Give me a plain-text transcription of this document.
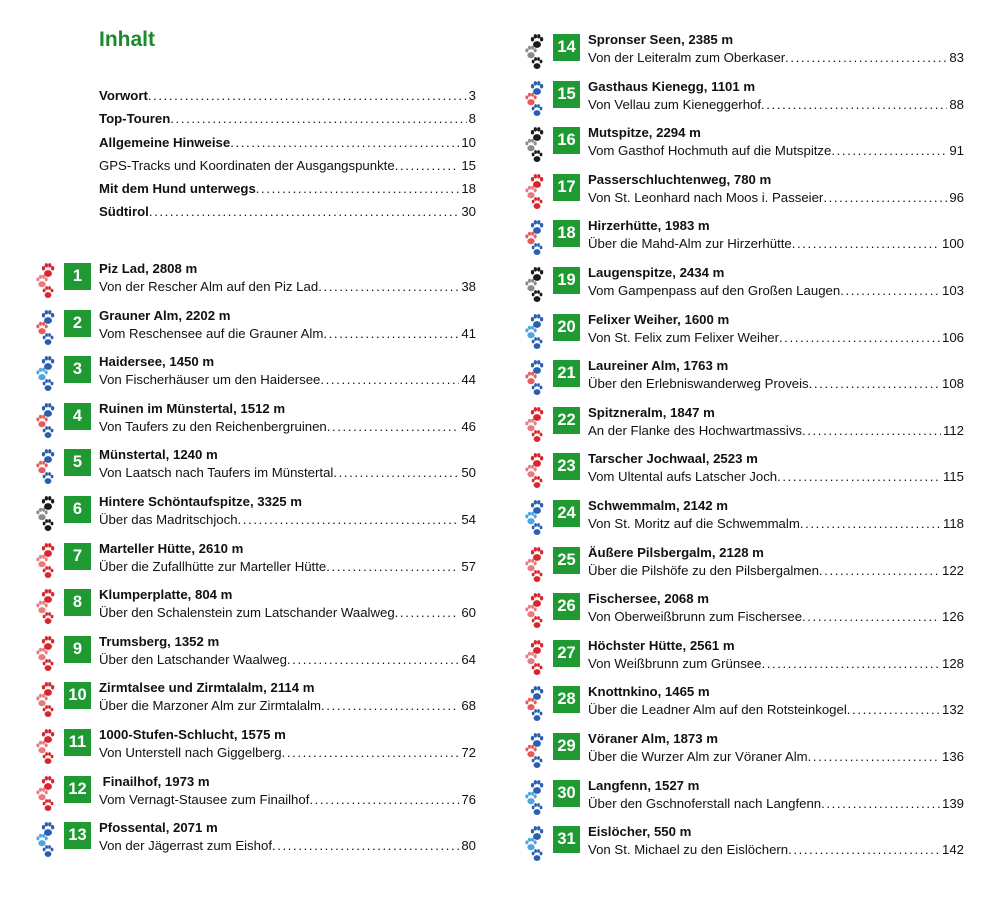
Inhalt
Vorwort .....	3
Top-Touren .....	8
Allgemeine Hinweise .....	10
GPS-Tracks und Koordinaten der Ausgangspunkte .....	15
Mit dem Hund unterwegs .....	18
Südtirol .....	30
1	Piz Lad, 2808 m
Von der Rescher Alm auf den Piz Lad .....	38
2	Grauner Alm, 2202 m
Vom Reschensee auf die Grauner Alm .....	41
3	Haidersee, 1450 m
Von Fischerhäuser um den Haidersee .....	44
4	Ruinen im Münstertal, 1512 m
Von Taufers zu den Reichenbergruinen .....	46
5	Münstertal, 1240 m
Von Laatsch nach Taufers im Münstertal .....	50
6	Hintere Schöntaufspitze, 3325 m
Über das Madritschjoch .....	54
7	Marteller Hütte, 2610 m
Über die Zufallhütte zur Marteller Hütte .....	57
8	Klumperplatte, 804 m
Über den Schalenstein zum Latschander Waalweg .....	60
9	Trumsberg, 1352 m
Über den Latschander Waalweg .....	64
10 Zirmtalsee und Zirmtalalm, 2114 m
Über die Marzoner Alm zur Zirmtalalm .....	68
11 1000-Stufen-Schlucht, 1575 m
Von Unterstell nach Giggelberg .....	72
12 Finailhof, 1973 m
Vom Vernagt-Stausee zum Finailhof .....	76
13 Pfossental, 2071 m
Von der Jägerrast zum Eishof .....	80
14 Spronser Seen, 2385 m
Von der Leiteralm zum Oberkaser .....	83
15 Gasthaus Kienegg, 1101 m
Von Vellau zum Kieneggerhof .....	88
16 Mutspitze, 2294 m
Vom Gasthof Hochmuth auf die Mutspitze .....	91
17 Passerschluchtenweg, 780 m
Von St. Leonhard nach Moos i. Passeier .....	96
18 Hirzerhütte, 1983 m
Über die Mahd-Alm zur Hirzerhütte .....	100
19 Laugenspitze, 2434 m
Vom Gampenpass auf den Großen Laugen .....	103
20 Felixer Weiher, 1600 m
Von St. Felix zum Felixer Weiher .....	106
21 Laureiner Alm, 1763 m
Über den Erlebniswanderweg Proveis .....	108
22 Spitzneralm, 1847 m
An der Flanke des Hochwartmassivs .....	112
23 Tarscher Jochwaal, 2523 m
Vom Ultental aufs Latscher Joch .....	115
24 Schwemmalm, 2142 m
Von St. Moritz auf die Schwemmalm .....	118
25 Äußere Pilsbergalm, 2128 m
Über die Pilshöfe zu den Pilsbergalmen .....	122
26 Fischersee, 2068 m
Von Oberweißbrunn zum Fischersee .....	126
27 Höchster Hütte, 2561 m
Von Weißbrunn zum Grünsee .....	128
28 Knottnkino, 1465 m
Über die Leadner Alm auf den Rotsteinkogel .....	132
29 Vöraner Alm, 1873 m
Über die Wurzer Alm zur Vöraner Alm .....	136
30 Langfenn, 1527 m
Über den Gschnoferstall nach Langfenn .....	139
31 Eislöcher, 550 m
Von St. Michael zu den Eislöchern .....	142
